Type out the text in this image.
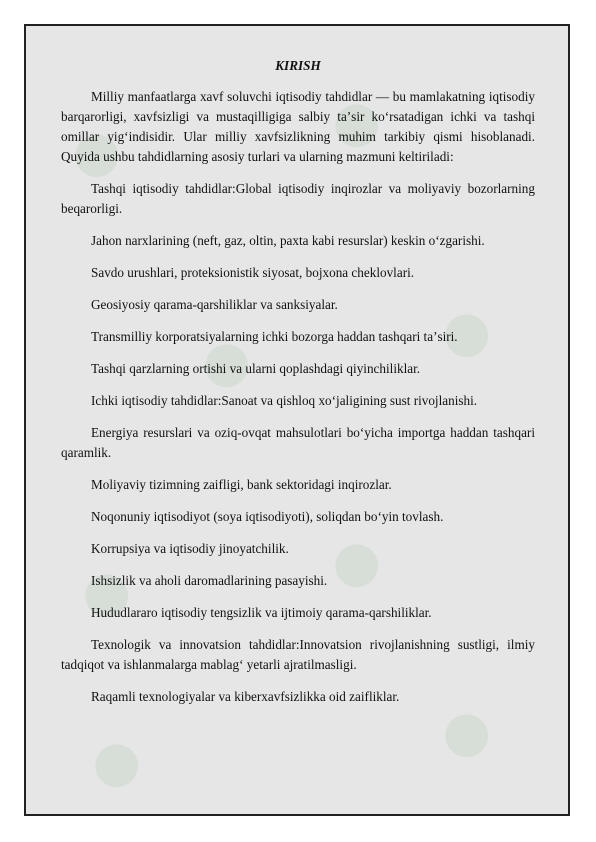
KIRISH

Milliy manfaatlarga xavf soluvchi iqtisodiy tahdidlar — bu mamlakatning iqtisodiy barqarorligi, xavfsizligi va mustaqilligiga salbiy taʼsir koʻrsatadigan ichki va tashqi omillar yigʻindisidir. Ular milliy xavfsizlikning muhim tarkibiy qismi hisoblanadi. Quyida ushbu tahdidlarning asosiy turlari va ularning mazmuni keltiriladi:

Tashqi iqtisodiy tahdidlar:Global iqtisodiy inqirozlar va moliyaviy bozorlarning beqarorligi.

Jahon narxlarining (neft, gaz, oltin, paxta kabi resurslar) keskin oʻzgarishi.

Savdo urushlari, proteksionistik siyosat, bojxona cheklovlari.

Geosiyosiy qarama-qarshiliklar va sanksiyalar.

Transmilliy korporatsiyalarning ichki bozorga haddan tashqari taʼsiri.

Tashqi qarzlarning ortishi va ularni qoplashdagi qiyinchiliklar.

Ichki iqtisodiy tahdidlar:Sanoat va qishloq xoʻjaligining sust rivojlanishi.

Energiya resurslari va oziq-ovqat mahsulotlari boʻyicha importga haddan tashqari qaramlik.

Moliyaviy tizimning zaifligi, bank sektoridagi inqirozlar.

Noqonuniy iqtisodiyot (soya iqtisodiyoti), soliqdan boʻyin tovlash.

Korrupsiya va iqtisodiy jinoyatchilik.

Ishsizlik va aholi daromadlarining pasayishi.

Hududlararo iqtisodiy tengsizlik va ijtimoiy qarama-qarshiliklar.

Texnologik va innovatsion tahdidlar:Innovatsion rivojlanishning sustligi, ilmiy tadqiqot va ishlanmalarga mablagʻ yetarli ajratilmasligi.

Raqamli texnologiyalar va kiberxavfsizlikka oid zaifliklar.
